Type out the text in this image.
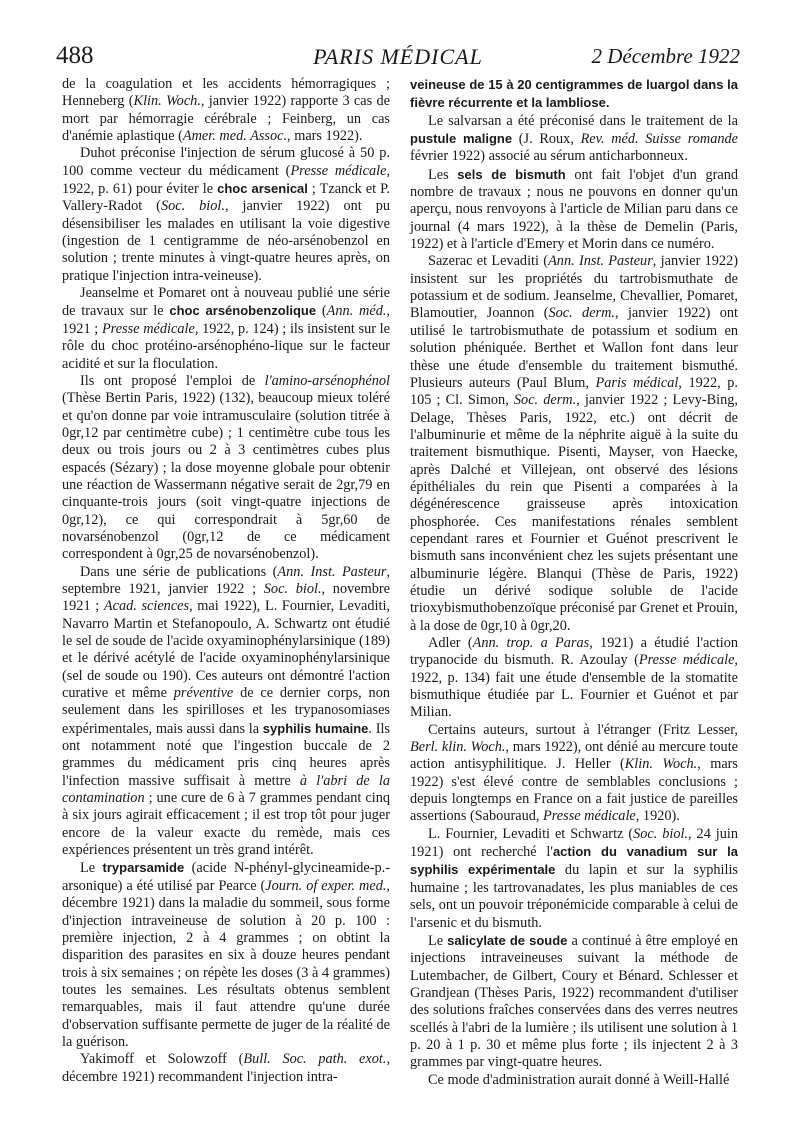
488	PARIS MÉDICAL	2 Décembre 1922

de la coagulation et les accidents hémorragiques ; Henneberg (Klin. Woch., janvier 1922) rapporte 3 cas de mort par hémorragie cérébrale ; Feinberg, un cas d'anémie aplastique (Amer. med. Assoc., mars 1922).

Duhot préconise l'injection de sérum glucosé à 50 p. 100 comme vecteur du médicament (Presse médicale, 1922, p. 61) pour éviter le choc arsenical ; Tzanck et P. Vallery-Radot (Soc. biol., janvier 1922) ont pu désensibiliser les malades en utilisant la voie digestive (ingestion de 1 centigramme de néo-arsénobenzol en solution ; trente minutes à vingt-quatre heures après, on pratique l'injection intra-veineuse).

Jeanselme et Pomaret ont à nouveau publié une série de travaux sur le choc arsénobenzolique (Ann. méd., 1921 ; Presse médicale, 1922, p. 124) ; ils insistent sur le rôle du choc protéino-arsénophéno-lique sur le facteur acidité et sur la floculation.

Ils ont proposé l'emploi de l'amino-arsénophénol (Thèse Bertin Paris, 1922) (132), beaucoup mieux toléré et qu'on donne par voie intramusculaire (solution titrée à 0gr,12 par centimètre cube) ; 1 centimètre cube tous les deux ou trois jours ou 2 à 3 centimètres cubes plus espacés (Sézary) ; la dose moyenne globale pour obtenir une réaction de Wassermann négative serait de 2gr,79 en cinquante-trois jours (soit vingt-quatre injections de 0gr,12), ce qui correspondrait à 5gr,60 de novarsénobenzol (0gr,12 de ce médicament correspondent à 0gr,25 de novarsénobenzol).

Dans une série de publications (Ann. Inst. Pasteur, septembre 1921, janvier 1922 ; Soc. biol., novembre 1921 ; Acad. sciences, mai 1922), L. Fournier, Levaditi, Navarro Martin et Stefanopoulo, A. Schwartz ont étudié le sel de soude de l'acide oxyaminophénylarsinique (189) et le dérivé acétylé de l'acide oxyaminophénylarsinique (sel de soude ou 190). Ces auteurs ont démontré l'action curative et même préventive de ce dernier corps, non seulement dans les spirilloses et les trypanosomiases expérimentales, mais aussi dans la syphilis humaine. Ils ont notamment noté que l'ingestion buccale de 2 grammes du médicament pris cinq heures après l'infection massive suffisait à mettre à l'abri de la contamination ; une cure de 6 à 7 grammes pendant cinq à six jours agirait efficacement ; il est trop tôt pour juger encore de la valeur exacte du remède, mais ces expériences présentent un très grand intérêt.

Le tryparsamide (acide N-phényl-glycineamide-p.-arsonique) a été utilisé par Pearce (Journ. of exper. med., décembre 1921) dans la maladie du sommeil, sous forme d'injection intraveineuse de solution à 20 p. 100 : première injection, 2 à 4 grammes ; on obtint la disparition des parasites en six à douze heures pendant trois à six semaines ; on répète les doses (3 à 4 grammes) toutes les semaines. Les résultats obtenus semblent remarquables, mais il faut attendre qu'une durée d'observation suffisante permette de juger de la réalité de la guérison.

Yakimoff et Solowzoff (Bull. Soc. path. exot., décembre 1921) recommandent l'injection intra-

veineuse de 15 à 20 centigrammes de luargol dans la fièvre récurrente et la lambliose.

Le salvarsan a été préconisé dans le traitement de la pustule maligne (J. Roux, Rev. méd. Suisse romande février 1922) associé au sérum anticharbonneux.

Les sels de bismuth ont fait l'objet d'un grand nombre de travaux ; nous ne pouvons en donner qu'un aperçu, nous renvoyons à l'article de Milian paru dans ce journal (4 mars 1922), à la thèse de Demelin (Paris, 1922) et à l'article d'Emery et Morin dans ce numéro.

Sazerac et Levaditi (Ann. Inst. Pasteur, janvier 1922) insistent sur les propriétés du tartrobismuthate de potassium et de sodium. Jeanselme, Chevallier, Pomaret, Blamoutier, Joannon (Soc. derm., janvier 1922) ont utilisé le tartrobismuthate de potassium et sodium en solution phéniquée. Berthet et Wallon font dans leur thèse une étude d'ensemble du traitement bismuthé. Plusieurs auteurs (Paul Blum, Paris médical, 1922, p. 105 ; Cl. Simon, Soc. derm., janvier 1922 ; Levy-Bing, Delage, Thèses Paris, 1922, etc.) ont décrit de l'albuminurie et même de la néphrite aiguë à la suite du traitement bismuthique. Pisenti, Mayser, von Haecke, après Dalché et Villejean, ont observé des lésions épithéliales du rein que Pisenti a comparées à la dégénérescence graisseuse après intoxication phosphorée. Ces manifestations rénales semblent cependant rares et Fournier et Guénot prescrivent le bismuth sans inconvénient chez les sujets présentant une albuminurie légère. Blanqui (Thèse de Paris, 1922) étudie un dérivé sodique soluble de l'acide trioxybismuthobenzoïque préconisé par Grenet et Prouin, à la dose de 0gr,10 à 0gr,20.

Adler (Ann. trop. a Paras, 1921) a étudié l'action trypanocide du bismuth. R. Azoulay (Presse médicale, 1922, p. 134) fait une étude d'ensemble de la stomatite bismuthique étudiée par L. Fournier et Guénot et par Milian.

Certains auteurs, surtout à l'étranger (Fritz Lesser, Berl. klin. Woch., mars 1922), ont dénié au mercure toute action antisyphilitique. J. Heller (Klin. Woch., mars 1922) s'est élevé contre de semblables conclusions ; depuis longtemps en France on a fait justice de pareilles assertions (Sabouraud, Presse médicale, 1920).

L. Fournier, Levaditi et Schwartz (Soc. biol., 24 juin 1921) ont recherché l'action du vanadium sur la syphilis expérimentale du lapin et sur la syphilis humaine ; les tartrovanadates, les plus maniables de ces sels, ont un pouvoir tréponémicide comparable à celui de l'arsenic et du bismuth.

Le salicylate de soude a continué à être employé en injections intraveineuses suivant la méthode de Lutembacher, de Gilbert, Coury et Bénard. Schlesser et Grandjean (Thèses Paris, 1922) recommandent d'utiliser des solutions fraîches conservées dans des verres neutres scellés à l'abri de la lumière ; ils utilisent une solution à 1 p. 20 à 1 p. 30 et même plus forte ; ils injectent 2 à 3 grammes par vingt-quatre heures.

Ce mode d'administration aurait donné à Weill-Hallé
